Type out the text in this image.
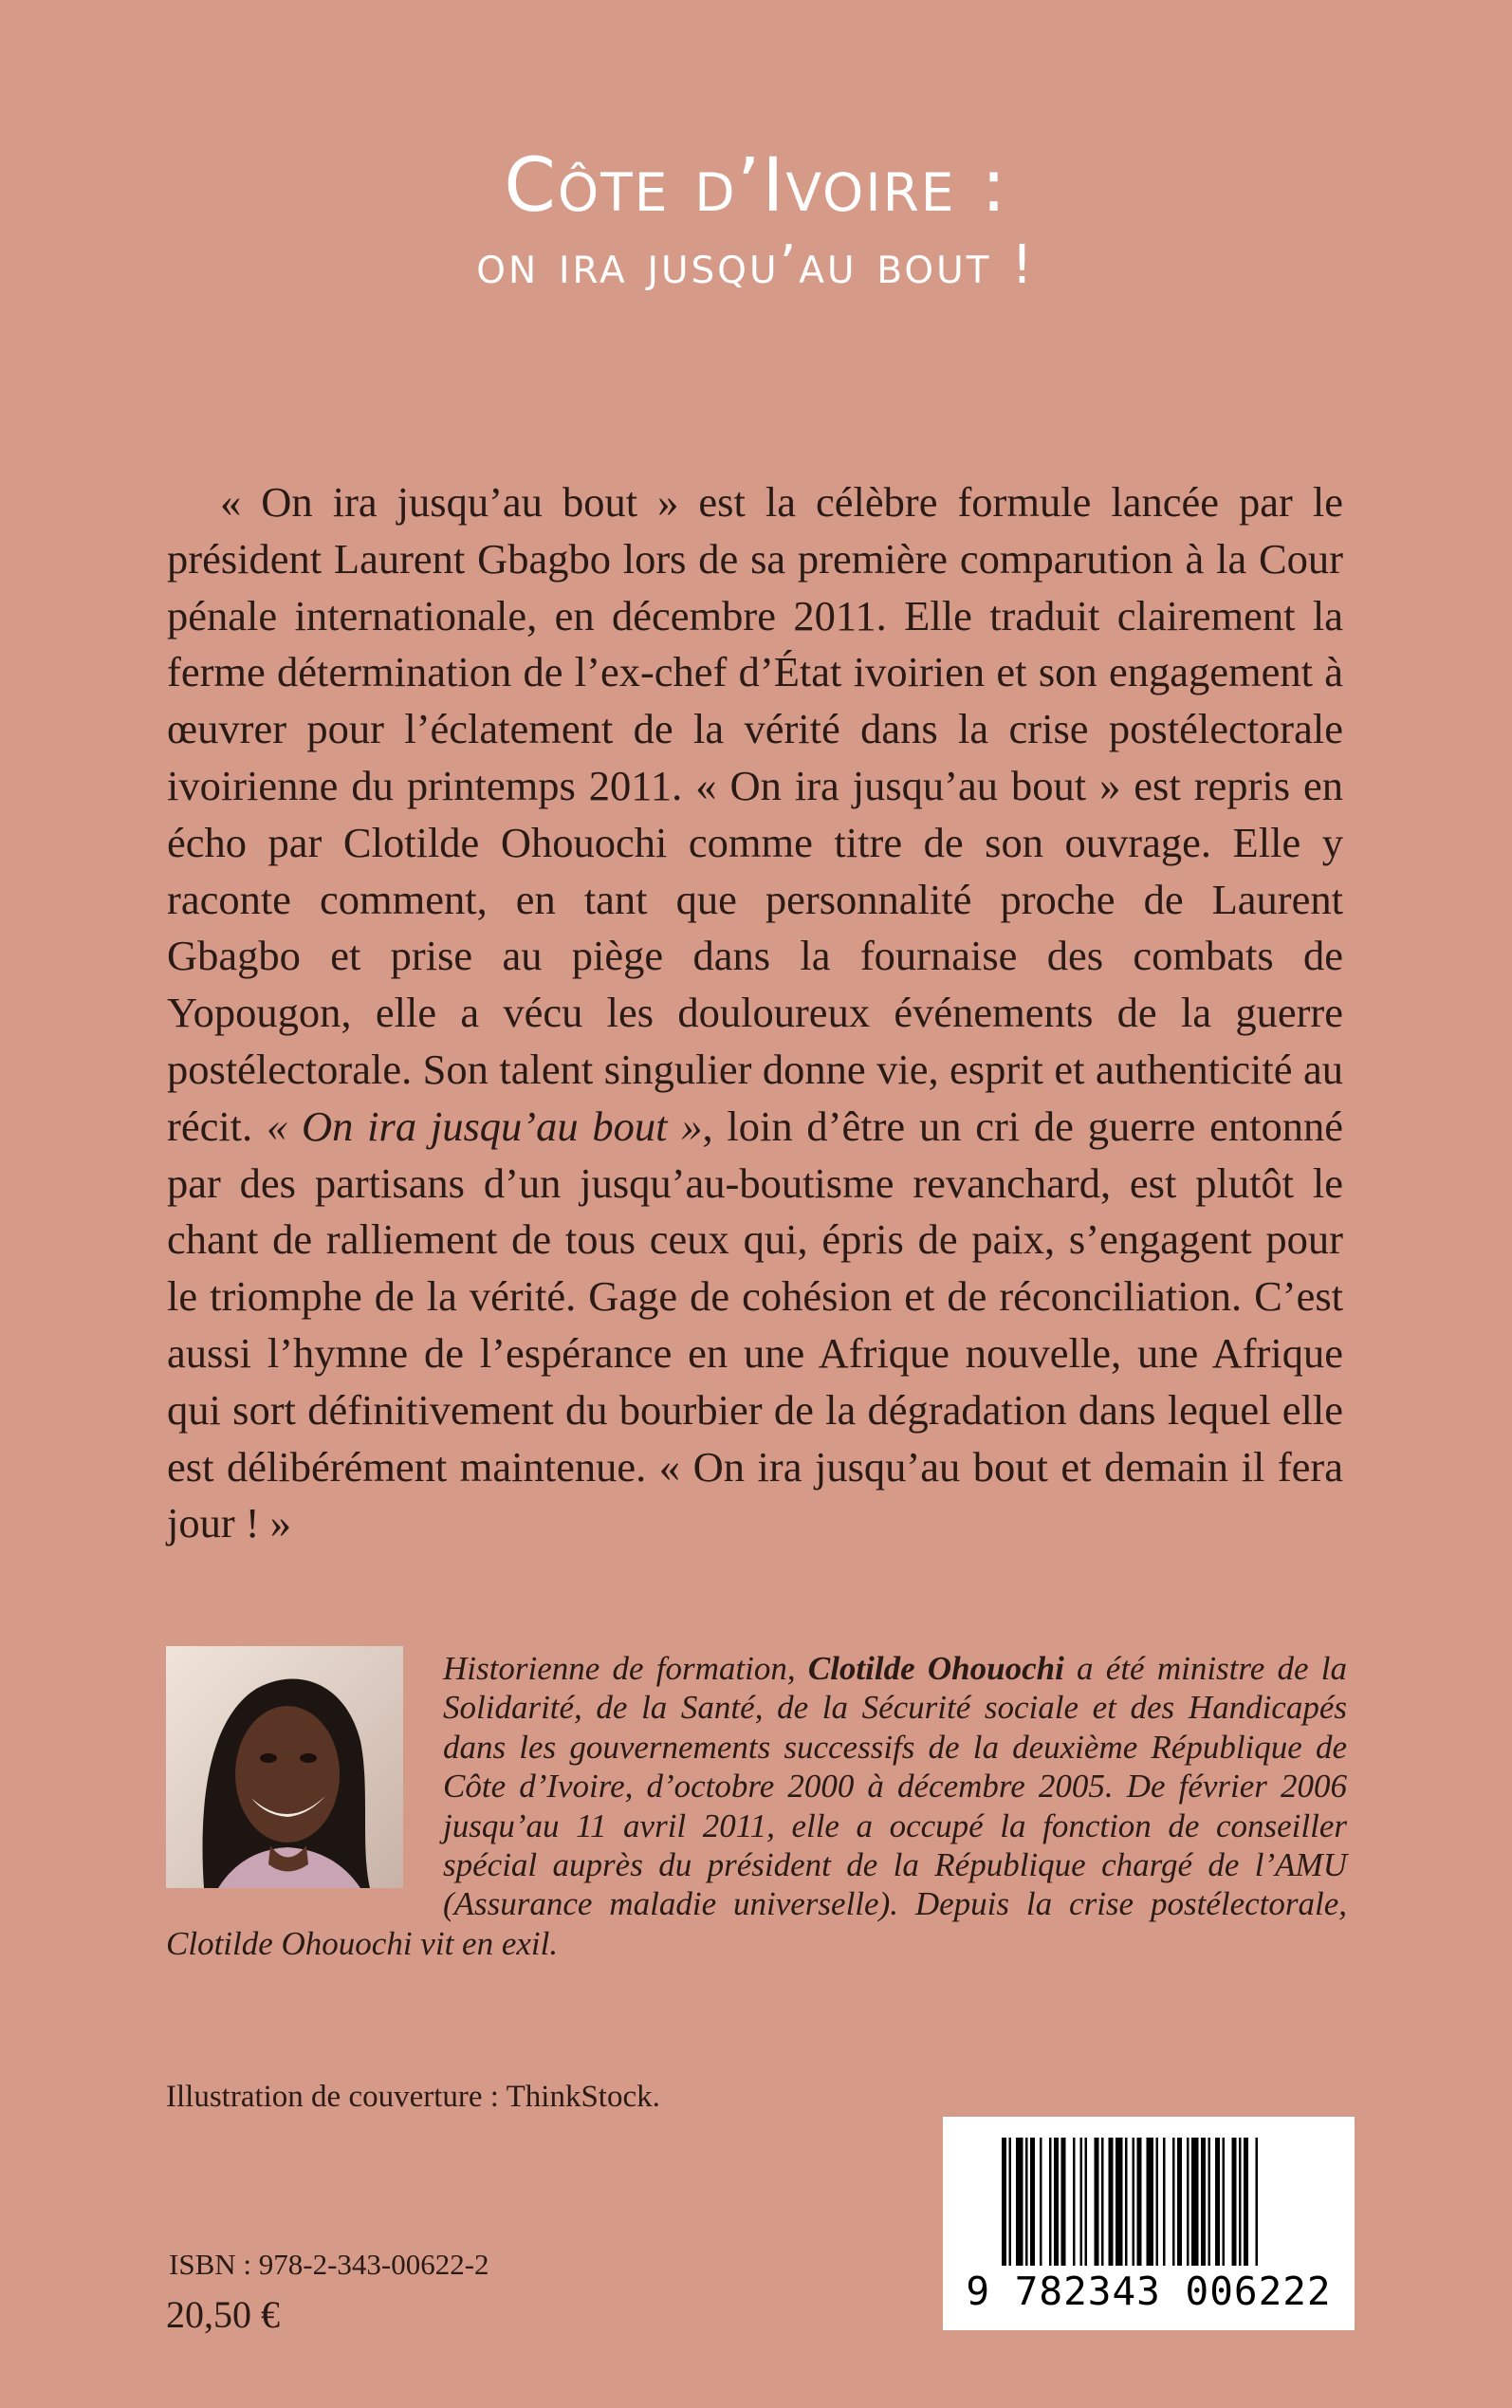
Côte d’Ivoire :
on ira jusqu’au bout !

« On ira jusqu’au bout » est la célèbre formule lancée par le président Laurent Gbagbo lors de sa première comparution à la Cour pénale internationale, en décembre 2011. Elle traduit clairement la ferme détermination de l’ex-chef d’État ivoirien et son engagement à œuvrer pour l’éclatement de la vérité dans la crise postélectorale ivoirienne du printemps 2011. « On ira jusqu’au bout » est repris en écho par Clotilde Ohouochi comme titre de son ouvrage. Elle y raconte comment, en tant que personnalité proche de Laurent Gbagbo et prise au piège dans la fournaise des combats de Yopougon, elle a vécu les douloureux événements de la guerre postélectorale. Son talent singulier donne vie, esprit et authenticité au récit. « On ira jusqu’au bout », loin d’être un cri de guerre entonné par des partisans d’un jusqu’au-boutisme revanchard, est plutôt le chant de ralliement de tous ceux qui, épris de paix, s’engagent pour le triomphe de la vérité. Gage de cohésion et de réconciliation. C’est aussi l’hymne de l’espérance en une Afrique nouvelle, une Afrique qui sort définitivement du bourbier de la dégradation dans lequel elle est délibérément maintenue. « On ira jusqu’au bout et demain il fera jour ! »

Historienne de formation, Clotilde Ohouochi a été ministre de la Solidarité, de la Santé, de la Sécurité sociale et des Handicapés dans les gouvernements successifs de la deuxième République de Côte d’Ivoire, d’octobre 2000 à décembre 2005. De février 2006 jusqu’au 11 avril 2011, elle a occupé la fonction de conseiller spécial auprès du président de la République chargé de l’AMU (Assurance maladie universelle). Depuis la crise postélectorale, Clotilde Ohouochi vit en exil.

Illustration de couverture : ThinkStock.

ISBN : 978-2-343-00622-2

20,50 €

9 782343 006222
